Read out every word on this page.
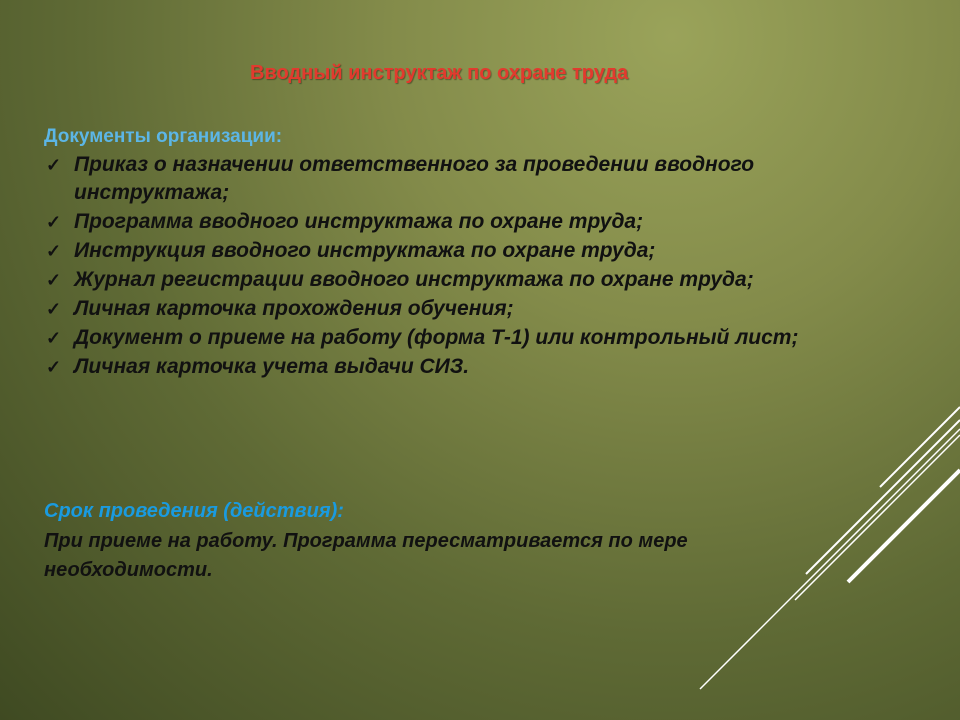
Вводный инструктаж по охране труда
Документы организации:
✓ Приказ о назначении ответственного за проведении вводного инструктажа;
✓ Программа вводного инструктажа по охране труда;
✓ Инструкция вводного инструктажа по охране труда;
✓ Журнал регистрации вводного инструктажа по охране труда;
✓ Личная карточка прохождения обучения;
✓ Документ о приеме на работу (форма Т-1) или контрольный лист;
✓ Личная карточка учета выдачи СИЗ.
Срок проведения (действия):
При приеме на работу. Программа пересматривается по мере необходимости.
